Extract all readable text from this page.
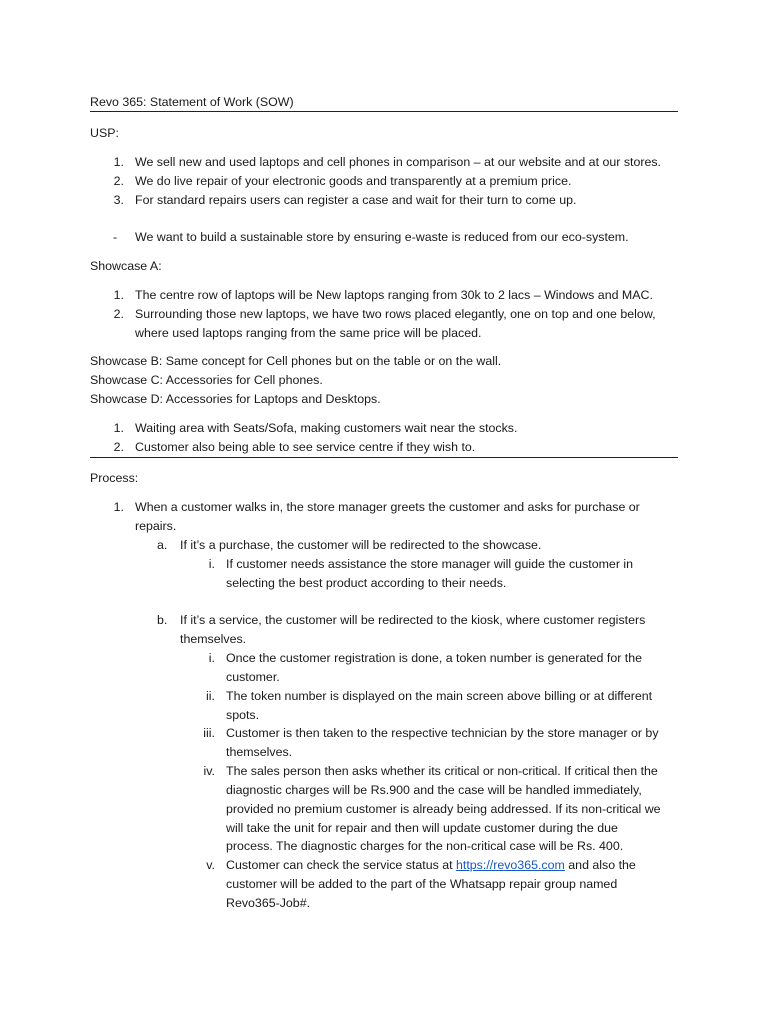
Revo 365: Statement of Work (SOW)
USP:
1. We sell new and used laptops and cell phones in comparison – at our website and at our stores.
2. We do live repair of your electronic goods and transparently at a premium price.
3. For standard repairs users can register a case and wait for their turn to come up.
- We want to build a sustainable store by ensuring e-waste is reduced from our eco-system.
Showcase A:
1. The centre row of laptops will be New laptops ranging from 30k to 2 lacs – Windows and MAC.
2. Surrounding those new laptops, we have two rows placed elegantly, one on top and one below,
where used laptops ranging from the same price will be placed.
Showcase B: Same concept for Cell phones but on the table or on the wall.
Showcase C: Accessories for Cell phones.
Showcase D: Accessories for Laptops and Desktops.
1. Waiting area with Seats/Sofa, making customers wait near the stocks.
2. Customer also being able to see service centre if they wish to.
Process:
1. When a customer walks in, the store manager greets the customer and asks for purchase or
repairs.
a. If it’s a purchase, the customer will be redirected to the showcase.
i. If customer needs assistance the store manager will guide the customer in
selecting the best product according to their needs.
b. If it’s a service, the customer will be redirected to the kiosk, where customer registers
themselves.
i. Once the customer registration is done, a token number is generated for the
customer.
ii. The token number is displayed on the main screen above billing or at different
spots.
iii. Customer is then taken to the respective technician by the store manager or by
themselves.
iv. The sales person then asks whether its critical or non-critical. If critical then the
diagnostic charges will be Rs.900 and the case will be handled immediately,
provided no premium customer is already being addressed. If its non-critical we
will take the unit for repair and then will update customer during the due
process. The diagnostic charges for the non-critical case will be Rs. 400.
v. Customer can check the service status at https://revo365.com and also the
customer will be added to the part of the Whatsapp repair group named
Revo365-Job#.
